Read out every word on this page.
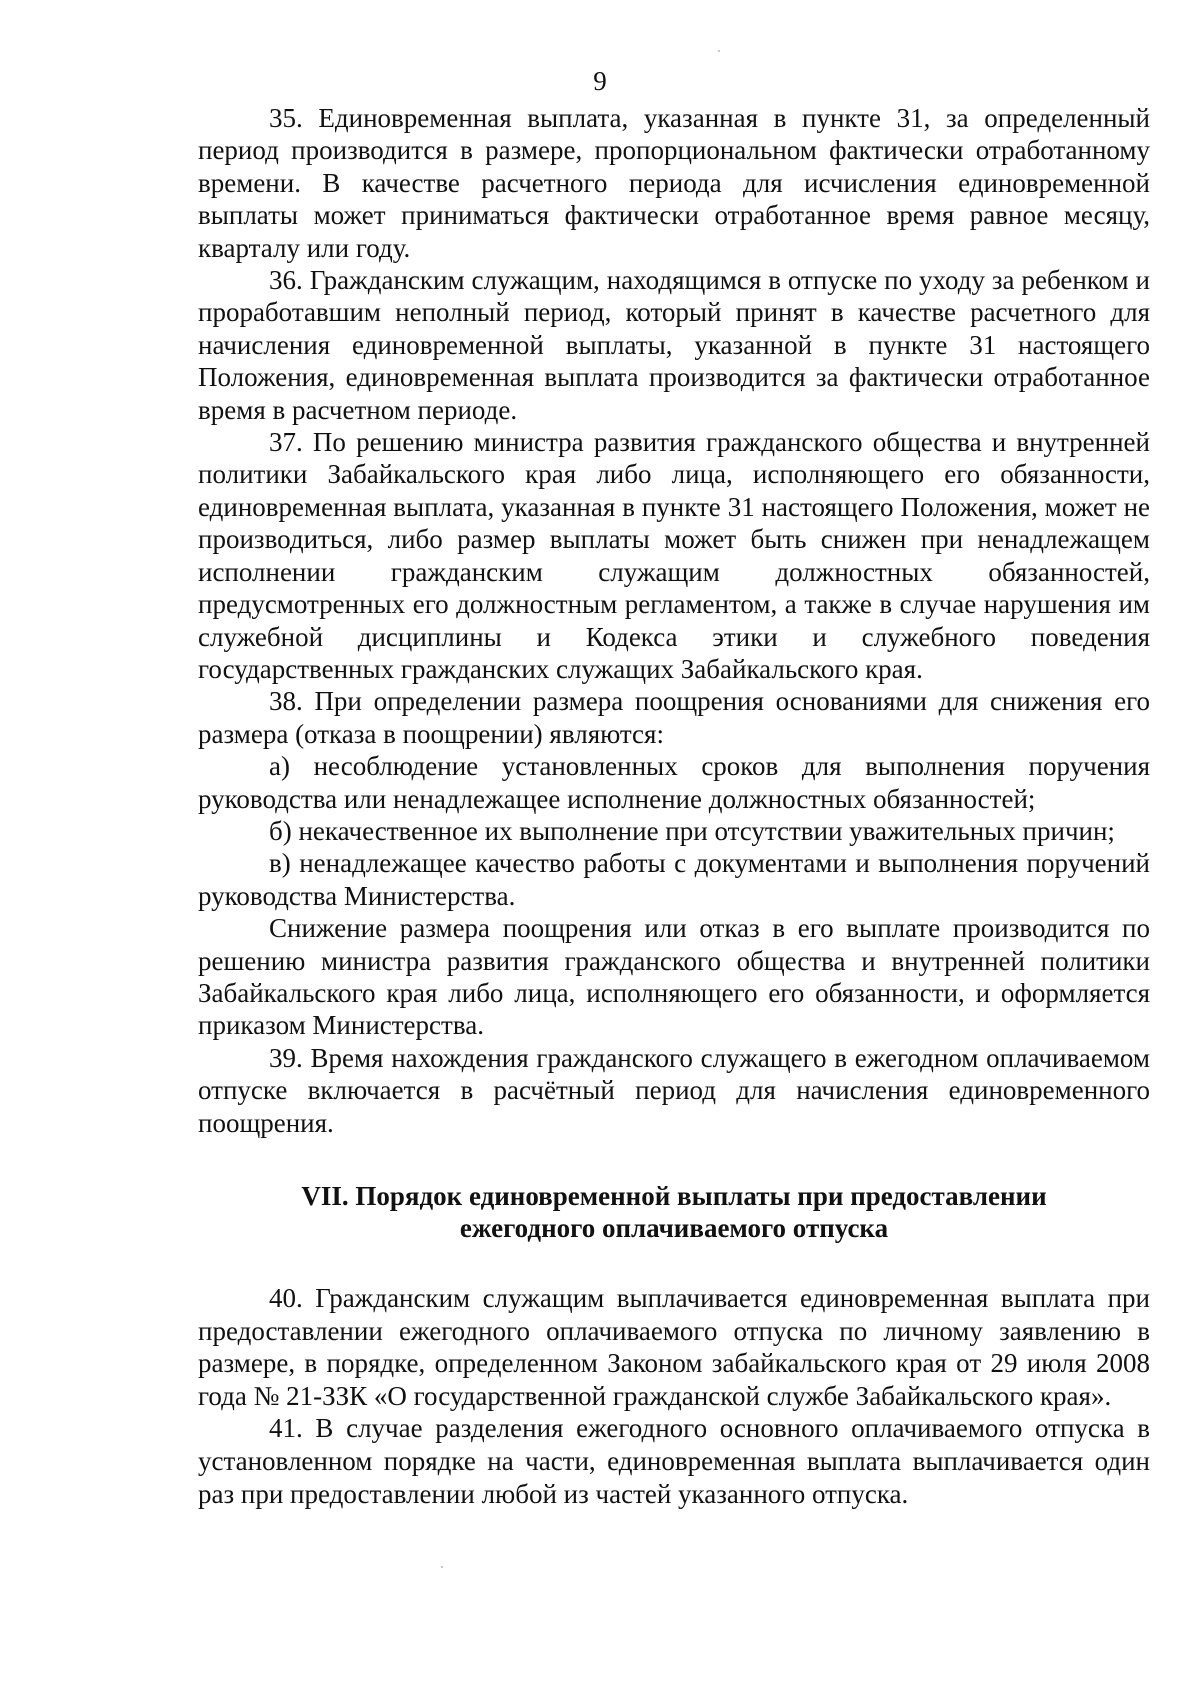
9

35. Единовременная выплата, указанная в пункте 31, за определенный период производится в размере, пропорциональном фактически отработанному времени. В качестве расчетного периода для исчисления единовременной выплаты может приниматься фактически отработанное время равное месяцу, кварталу или году.

36. Гражданским служащим, находящимся в отпуске по уходу за ребенком и проработавшим неполный период, который принят в качестве расчетного для начисления единовременной выплаты, указанной в пункте 31 настоящего Положения, единовременная выплата производится за фактически отработанное время в расчетном периоде.

37. По решению министра развития гражданского общества и внутренней политики Забайкальского края либо лица, исполняющего его обязанности, единовременная выплата, указанная в пункте 31 настоящего Положения, может не производиться, либо размер выплаты может быть снижен при ненадлежащем исполнении гражданским служащим должностных обязанностей, предусмотренных его должностным регламентом, а также в случае нарушения им служебной дисциплины и Кодекса этики и служебного поведения государственных гражданских служащих Забайкальского края.

38. При определении размера поощрения основаниями для снижения его размера (отказа в поощрении) являются:

а) несоблюдение установленных сроков для выполнения поручения руководства или ненадлежащее исполнение должностных обязанностей;

б) некачественное их выполнение при отсутствии уважительных причин;

в) ненадлежащее качество работы с документами и выполнения поручений руководства Министерства.

Снижение размера поощрения или отказ в его выплате производится по решению министра развития гражданского общества и внутренней политики Забайкальского края либо лица, исполняющего его обязанности, и оформляется приказом Министерства.

39. Время нахождения гражданского служащего в ежегодном оплачиваемом отпуске включается в расчётный период для начисления единовременного поощрения.

VII. Порядок единовременной выплаты при предоставлении
ежегодного оплачиваемого отпуска

40. Гражданским служащим выплачивается единовременная выплата при предоставлении ежегодного оплачиваемого отпуска по личному заявлению в размере, в порядке, определенном Законом забайкальского края от 29 июля 2008 года № 21-ЗЗК «О государственной гражданской службе Забайкальского края».

41. В случае разделения ежегодного основного оплачиваемого отпуска в установленном порядке на части, единовременная выплата выплачивается один раз при предоставлении любой из частей указанного отпуска.
